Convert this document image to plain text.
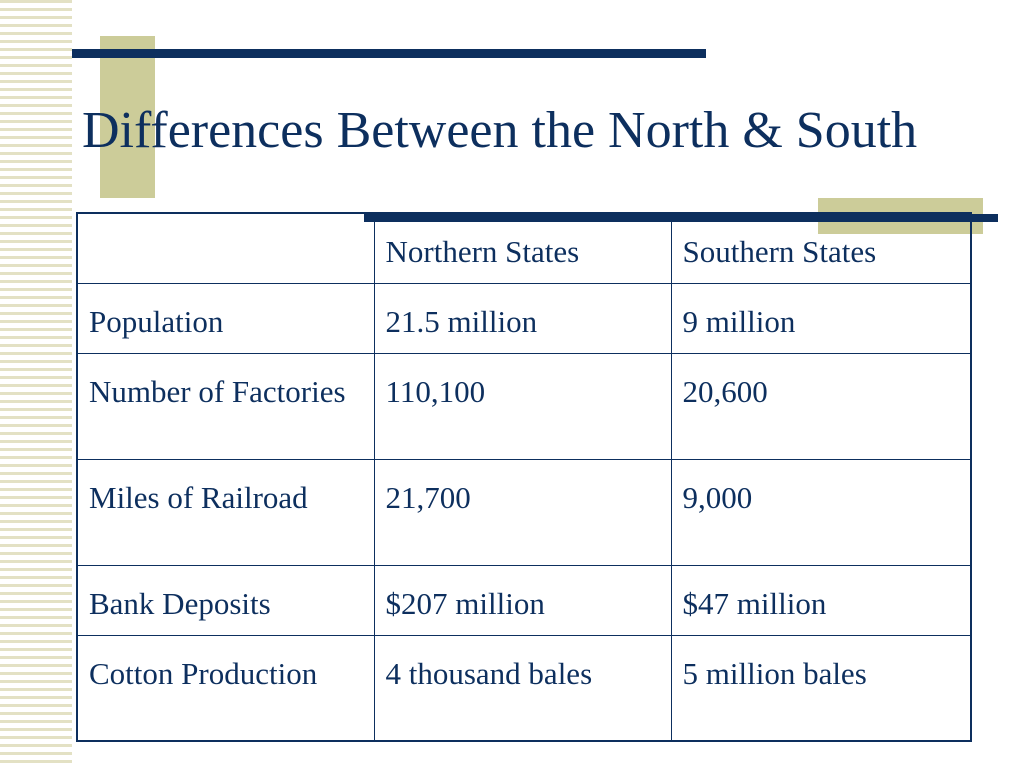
Differences Between the North & South
	Northern States	Southern States
Population	21.5 million	9 million
Number of Factories	110,100	20,600
Miles of Railroad	21,700	9,000
Bank Deposits	$207 million	$47 million
Cotton Production	4 thousand bales	5 million bales
